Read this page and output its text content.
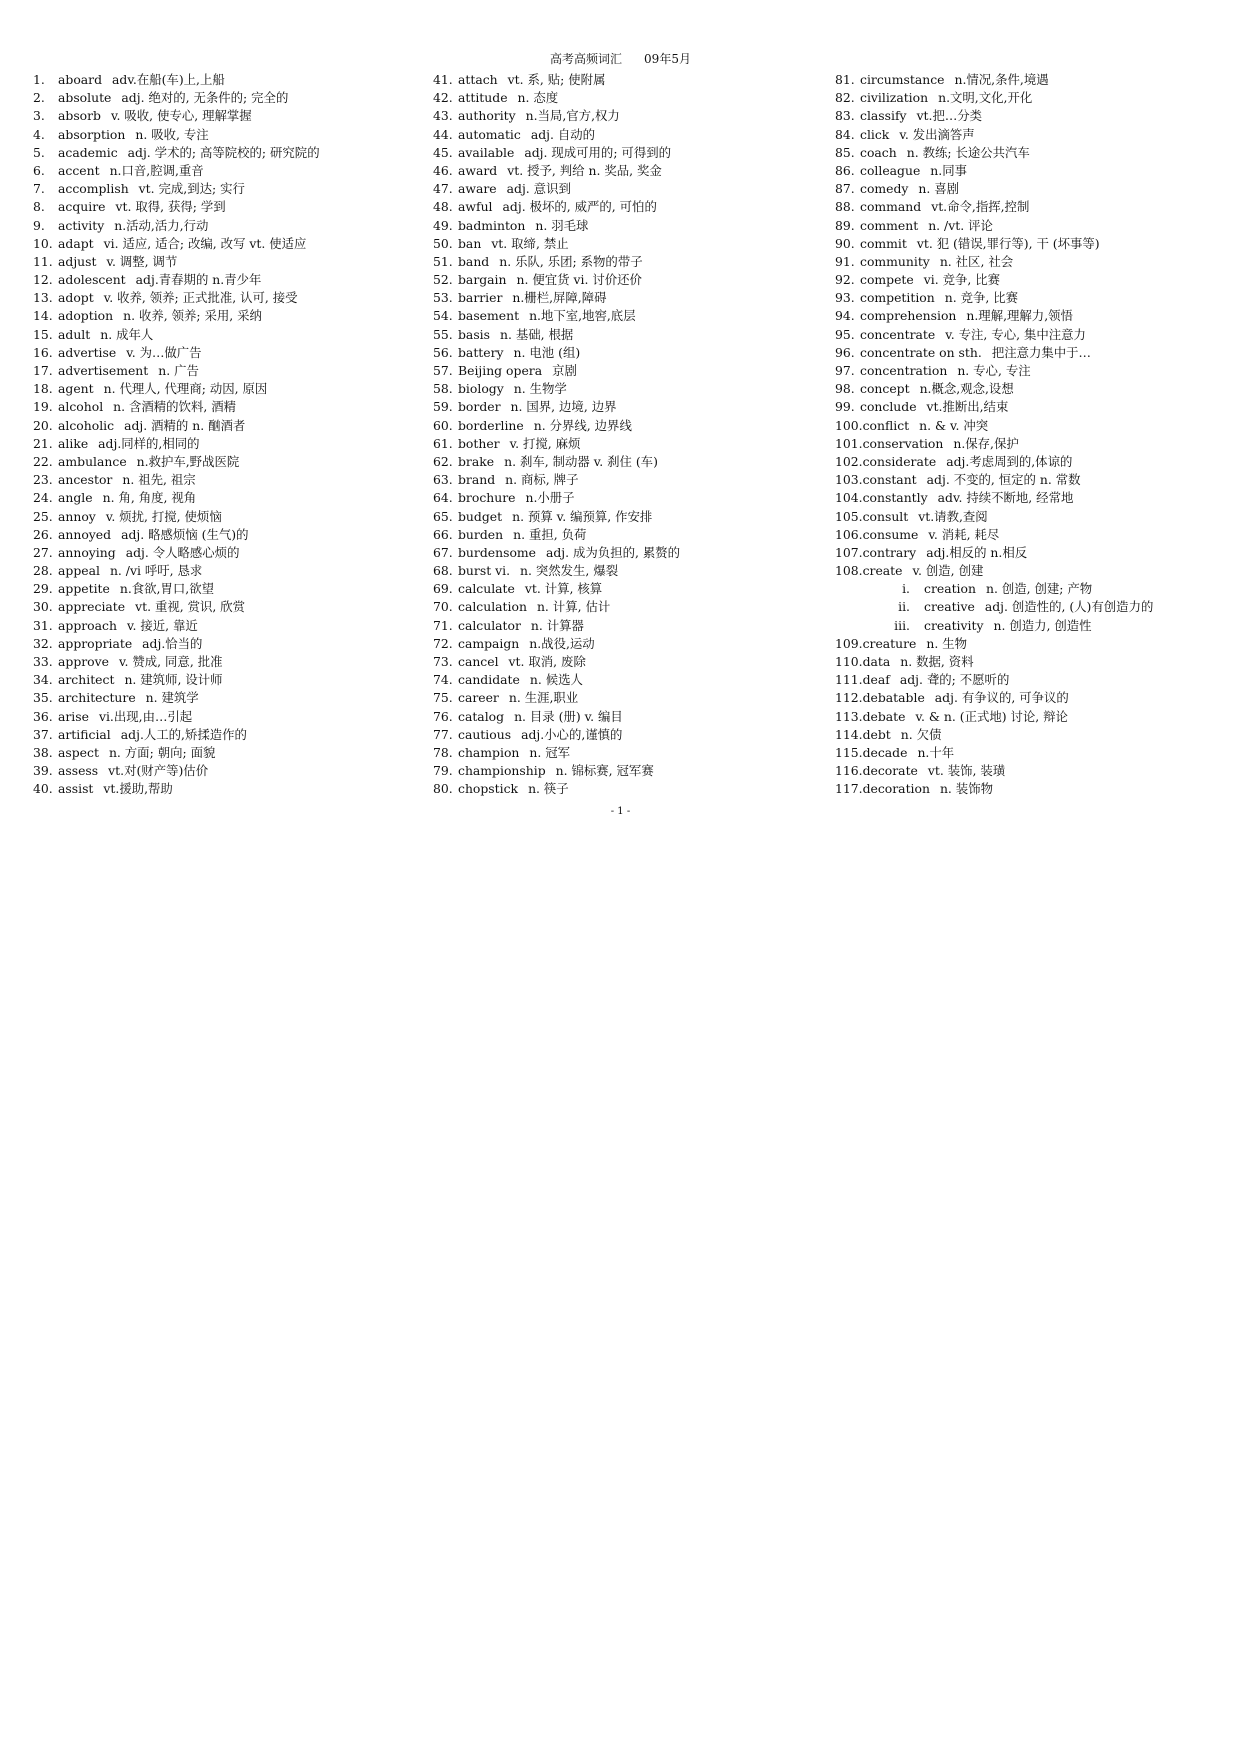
高考高频词汇 09年5月
1. aboard adv.在船(车)上,上船
2. absolute adj. 绝对的, 无条件的; 完全的
3. absorb v. 吸收, 使专心, 理解掌握
4. absorption n. 吸收, 专注
5. academic adj. 学术的; 高等院校的; 研究院的
6. accent n.口音,腔调,重音
7. accomplish vt. 完成,到达; 实行
8. acquire vt. 取得, 获得; 学到
9. activity n.活动,活力,行动
10. adapt vi. 适应, 适合; 改编, 改写 vt. 使适应
11. adjust v. 调整, 调节
12. adolescent adj.青春期的 n.青少年
13. adopt v. 收养, 领养; 正式批准, 认可, 接受
14. adoption n. 收养, 领养; 采用, 采纳
15. adult n. 成年人
16. advertise v. 为…做广告
17. advertisement n. 广告
18. agent n. 代理人, 代理商; 动因, 原因
19. alcohol n. 含酒精的饮料, 酒精
20. alcoholic adj. 酒精的 n. 酗酒者
21. alike adj.同样的,相同的
22. ambulance n.救护车,野战医院
23. ancestor n. 祖先, 祖宗
24. angle n. 角, 角度, 视角
25. annoy v. 烦扰, 打搅, 使烦恼
26. annoyed adj. 略感烦恼 (生气)的
27. annoying adj. 令人略感心烦的
28. appeal n. /vi 呼吁, 恳求
29. appetite n.食欲,胃口,欲望
30. appreciate vt. 重视, 赏识, 欣赏
31. approach v. 接近, 靠近
32. appropriate adj.恰当的
33. approve v. 赞成, 同意, 批准
34. architect n. 建筑师, 设计师
35. architecture n. 建筑学
36. arise vi.出现,由…引起
37. artificial adj.人工的,矫揉造作的
38. aspect n. 方面; 朝向; 面貌
39. assess vt.对(财产等)估价
40. assist vt.援助,帮助
41. attach vt. 系, 贴; 使附属
42. attitude n. 态度
43. authority n.当局,官方,权力
44. automatic adj. 自动的
45. available adj. 现成可用的; 可得到的
46. award vt. 授予, 判给 n. 奖品, 奖金
47. aware adj. 意识到
48. awful adj. 极坏的, 威严的, 可怕的
49. badminton n. 羽毛球
50. ban vt. 取缔, 禁止
51. band n. 乐队, 乐团; 系物的带子
52. bargain n. 便宜货 vi. 讨价还价
53. barrier n.栅栏,屏障,障碍
54. basement n.地下室,地窖,底层
55. basis n. 基础, 根据
56. battery n. 电池 (组)
57. Beijing opera 京剧
58. biology n. 生物学
59. border n. 国界, 边境, 边界
60. borderline n. 分界线, 边界线
61. bother v. 打搅, 麻烦
62. brake n. 刹车, 制动器 v. 刹住 (车)
63. brand n. 商标, 牌子
64. brochure n.小册子
65. budget n. 预算 v. 编预算, 作安排
66. burden n. 重担, 负荷
67. burdensome adj. 成为负担的, 累赘的
68. burst vi. n. 突然发生, 爆裂
69. calculate vt. 计算, 核算
70. calculation n. 计算, 估计
71. calculator n. 计算器
72. campaign n.战役,运动
73. cancel vt. 取消, 废除
74. candidate n. 候选人
75. career n. 生涯,职业
76. catalog n. 目录 (册) v. 编目
77. cautious adj.小心的,谨慎的
78. champion n. 冠军
79. championship n. 锦标赛, 冠军赛
80. chopstick n. 筷子
81. circumstance n.情况,条件,境遇
82. civilization n.文明,文化,开化
83. classify vt.把…分类
84. click v. 发出滴答声
85. coach n. 教练; 长途公共汽车
86. colleague n.同事
87. comedy n. 喜剧
88. command vt.命令,指挥,控制
89. comment n. /vt. 评论
90. commit vt. 犯 (错误,罪行等), 干 (坏事等)
91. community n. 社区, 社会
92. compete vi. 竞争, 比赛
93. competition n. 竞争, 比赛
94. comprehension n.理解,理解力,领悟
95. concentrate v. 专注, 专心, 集中注意力
96. concentrate on sth. 把注意力集中于…
97. concentration n. 专心, 专注
98. concept n.概念,观念,设想
99. conclude vt.推断出,结束
100.conflict n. & v. 冲突
101.conservation n.保存,保护
102.considerate adj.考虑周到的,体谅的
103.constant adj. 不变的, 恒定的 n. 常数
104.constantly adv. 持续不断地, 经常地
105.consult vt.请教,查阅
106.consume v. 消耗, 耗尽
107.contrary adj.相反的 n.相反
108.create v. 创造, 创建
i. creation n. 创造, 创建; 产物
ii. creative adj. 创造性的, (人)有创造力的
iii. creativity n. 创造力, 创造性
109.creature n. 生物
110.data n. 数据, 资料
111.deaf adj. 聋的; 不愿听的
112.debatable adj. 有争议的, 可争议的
113.debate v. & n. (正式地) 讨论, 辩论
114.debt n. 欠债
115.decade n.十年
116.decorate vt. 装饰, 装璜
117.decoration n. 装饰物
- 1 -
